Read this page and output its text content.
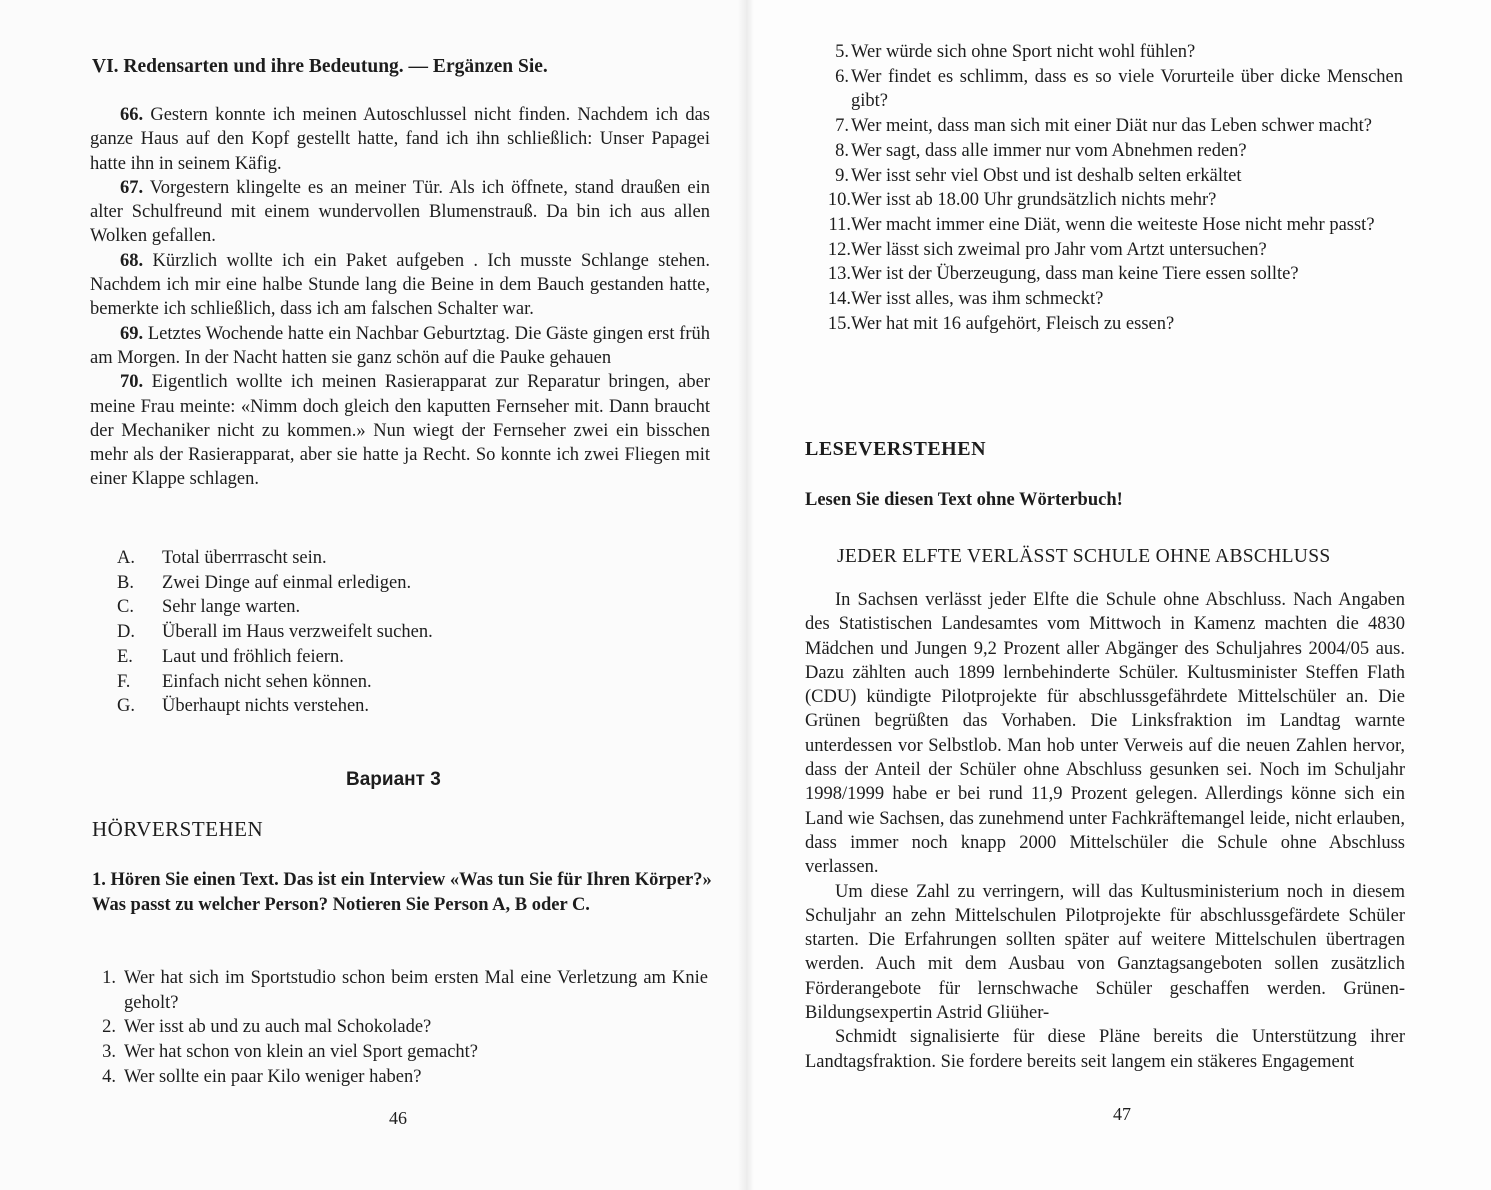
VI. Redensarten und ihre Bedeutung. — Ergänzen Sie.

66. Gestern konnte ich meinen Autoschlussel nicht finden. Nachdem ich das ganze Haus auf den Kopf gestellt hatte, fand ich ihn schließlich: Unser Papagei hatte ihn in seinem Käfig.

67. Vorgestern klingelte es an meiner Tür. Als ich öffnete, stand draußen ein alter Schulfreund mit einem wundervollen Blumenstrauß. Da bin ich aus allen Wolken gefallen.

68. Kürzlich wollte ich ein Paket aufgeben . Ich musste Schlange stehen. Nachdem ich mir eine halbe Stunde lang die Beine in dem Bauch gestanden hatte, bemerkte ich schließlich, dass ich am falschen Schalter war.

69. Letztes Wochende hatte ein Nachbar Geburtztag. Die Gäste gingen erst früh am Morgen. In der Nacht hatten sie ganz schön auf die Pauke gehauen

70. Eigentlich wollte ich meinen Rasierapparat zur Reparatur bringen, aber meine Frau meinte: «Nimm doch gleich den kaputten Fernseher mit. Dann braucht der Mechaniker nicht zu kommen.» Nun wiegt der Fernseher zwei ein bisschen mehr als der Rasierapparat, aber sie hatte ja Recht. So konnte ich zwei Fliegen mit einer Klappe schlagen.

A.	Total überrrascht sein.
B.	Zwei Dinge auf einmal erledigen.
C.	Sehr lange warten.
D.	Überall im Haus verzweifelt suchen.
E.	Laut und fröhlich feiern.
F.	Einfach nicht sehen können.
G.	Überhaupt nichts verstehen.
Вариант 3
HÖRVERSTEHEN
1. Hören Sie einen Text. Das ist ein Interview «Was tun Sie für Ihren Körper?»
Was passt zu welcher Person? Notieren Sie Person A, B oder C.
1. Wer hat sich im Sportstudio schon beim ersten Mal eine Verletzung am Knie geholt?
2. Wer isst ab und zu auch mal Schokolade?
3. Wer hat schon von klein an viel Sport gemacht?
4. Wer sollte ein paar Kilo weniger haben?
46
5. Wer würde sich ohne Sport nicht wohl fühlen?
6. Wer findet es schlimm, dass es so viele Vorurteile über dicke Menschen gibt?
7. Wer meint, dass man sich mit einer Diät nur das Leben schwer macht?
8. Wer sagt, dass alle immer nur vom Abnehmen reden?
9. Wer isst sehr viel Obst und ist deshalb selten erkältet
10. Wer isst ab 18.00 Uhr grundsätzlich nichts mehr?
11. Wer macht immer eine Diät, wenn die weiteste Hose nicht mehr passt?
12. Wer lässt sich zweimal pro Jahr vom Artzt untersuchen?
13. Wer ist der Überzeugung, dass man keine Tiere essen sollte?
14. Wer isst alles, was ihm schmeckt?
15. Wer hat mit 16 aufgehört, Fleisch zu essen?
LESEVERSTEHEN
Lesen Sie diesen Text ohne Wörterbuch!
JEDER ELFTE VERLÄSST SCHULE OHNE ABSCHLUSS

In Sachsen verlässt jeder Elfte die Schule ohne Abschluss. Nach Angaben des Statistischen Landesamtes vom Mittwoch in Kamenz machten die 4830 Mädchen und Jungen 9,2 Prozent aller Abgänger des Schuljahres 2004/05 aus. Dazu zählten auch 1899 lernbehinderte Schüler. Kultusminister Steffen Flath (CDU) kündigte Pilotprojekte für abschlussgefährdete Mittelschüler an. Die Grünen begrüßten das Vorhaben. Die Linksfraktion im Landtag warnte unterdessen vor Selbstlob. Man hob unter Verweis auf die neuen Zahlen hervor, dass der Anteil der Schüler ohne Abschluss gesunken sei. Noch im Schuljahr 1998/1999 habe er bei rund 11,9 Prozent gelegen. Allerdings könne sich ein Land wie Sachsen, das zunehmend unter Fachkräftemangel leide, nicht erlauben, dass immer noch knapp 2000 Mittelschüler die Schule ohne Abschluss verlassen.

Um diese Zahl zu verringern, will das Kultusministerium noch in diesem Schuljahr an zehn Mittelschulen Pilotprojekte für abschlussgefärdete Schüler starten. Die Erfahrungen sollten später auf weitere Mittelschulen übertragen werden. Auch mit dem Ausbau von Ganztagsangeboten sollen zusätzlich Förderangebote für lernschwache Schüler geschaffen werden. Grünen-Bildungsexpertin Astrid Gliüher-

Schmidt signalisierte für diese Pläne bereits die Unterstützung ihrer Landtagsfraktion. Sie fordere bereits seit langem ein stäkeres Engagement

47
